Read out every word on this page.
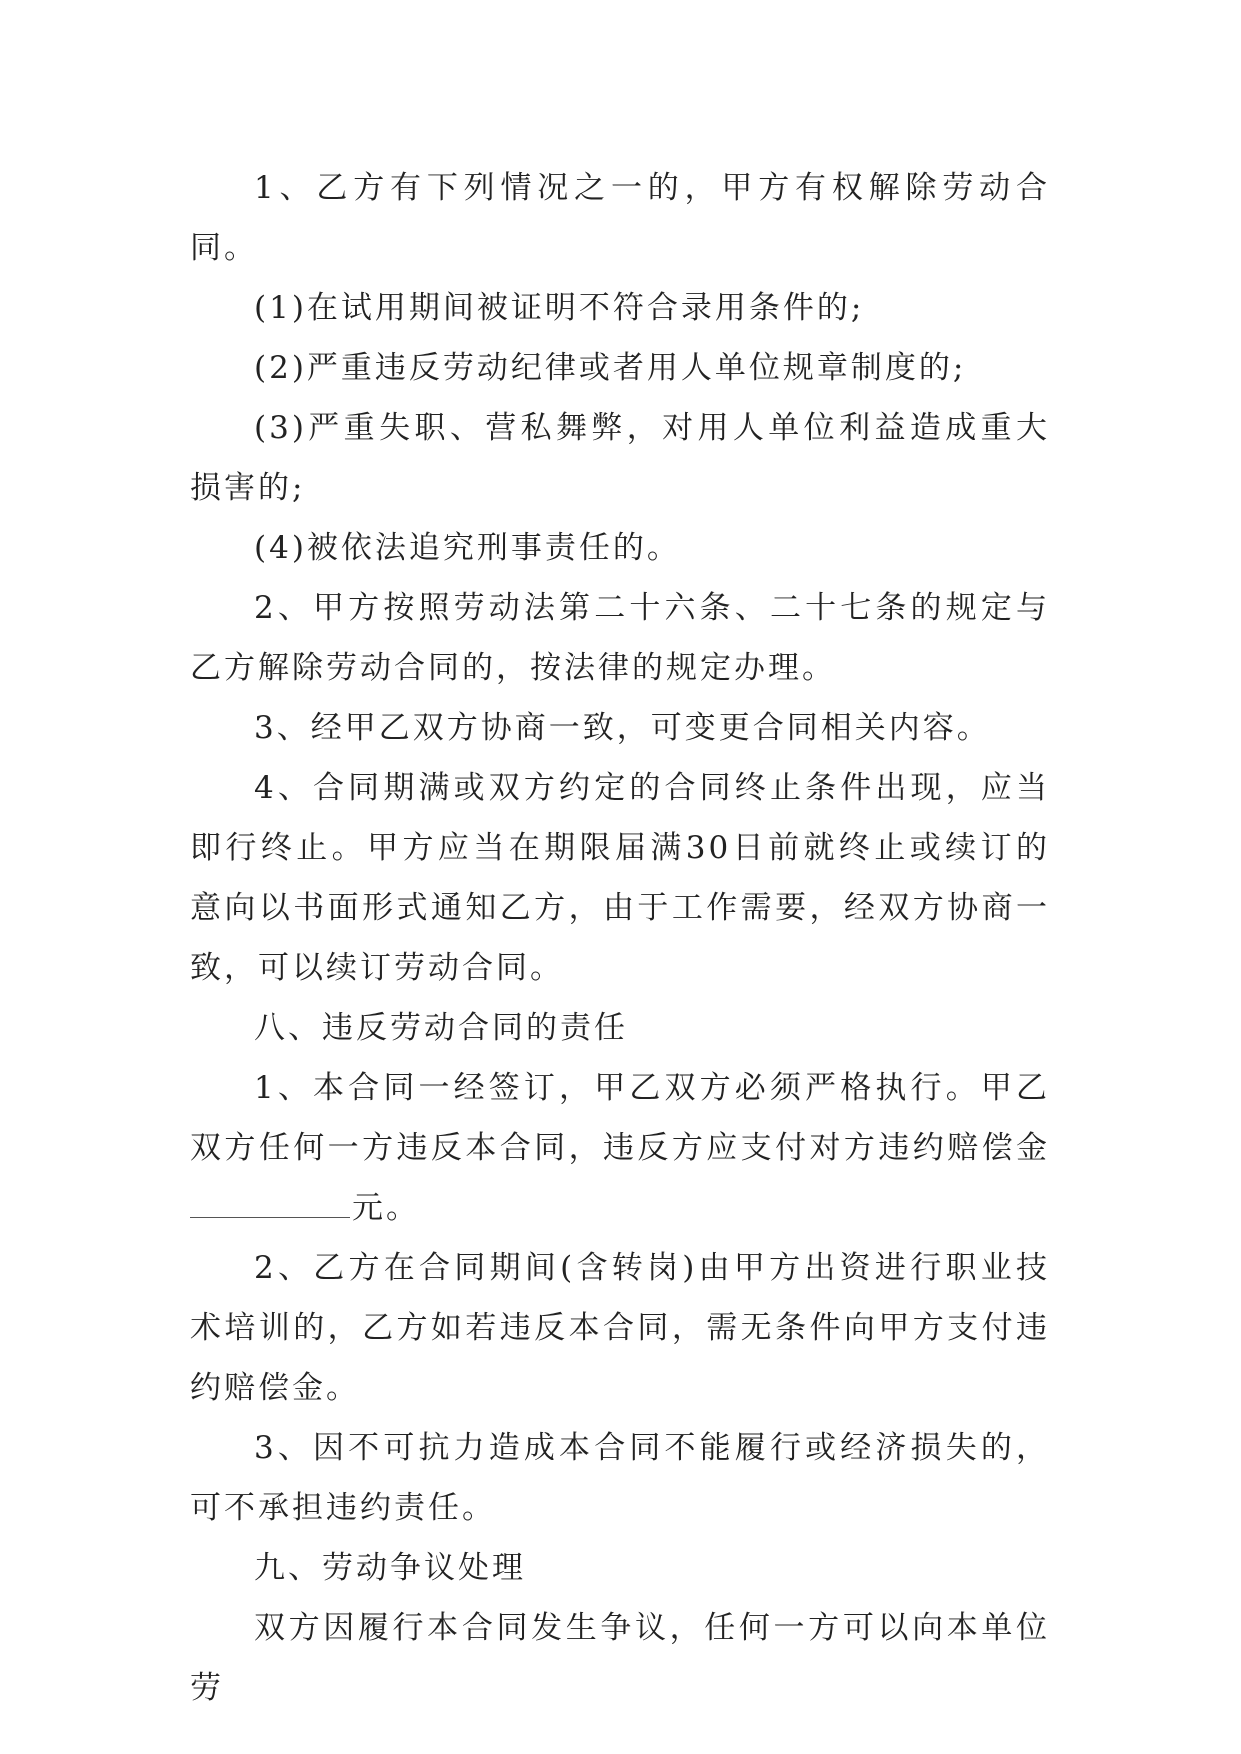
1、乙方有下列情况之一的，甲方有权解除劳动合同。

(1)在试用期间被证明不符合录用条件的;

(2)严重违反劳动纪律或者用人单位规章制度的;

(3)严重失职、营私舞弊，对用人单位利益造成重大损害的;

(4)被依法追究刑事责任的。

2、甲方按照劳动法第二十六条、二十七条的规定与乙方解除劳动合同的，按法律的规定办理。

3、经甲乙双方协商一致，可变更合同相关内容。

4、合同期满或双方约定的合同终止条件出现，应当即行终止。甲方应当在期限届满30日前就终止或续订的意向以书面形式通知乙方，由于工作需要，经双方协商一致，可以续订劳动合同。

八、违反劳动合同的责任

1、本合同一经签订，甲乙双方必须严格执行。甲乙双方任何一方违反本合同，违反方应支付对方违约赔偿金元。

2、乙方在合同期间(含转岗)由甲方出资进行职业技术培训的，乙方如若违反本合同，需无条件向甲方支付违约赔偿金。

3、因不可抗力造成本合同不能履行或经济损失的，可不承担违约责任。

九、劳动争议处理

双方因履行本合同发生争议，任何一方可以向本单位劳
